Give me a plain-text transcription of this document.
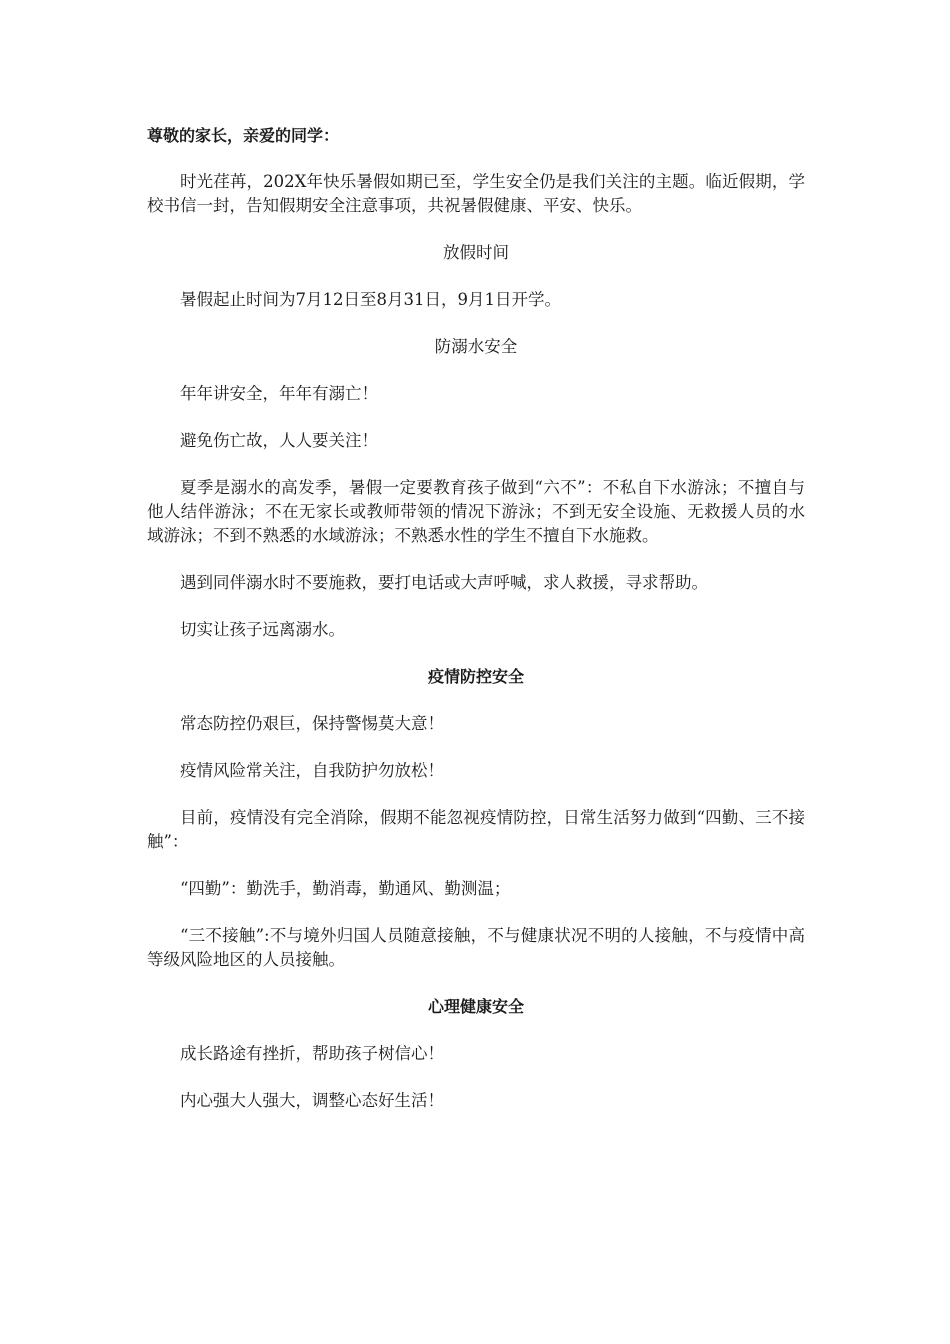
尊敬的家长，亲爱的同学：

时光荏苒，202X年快乐暑假如期已至，学生安全仍是我们关注的主题。临近假期，学校书信一封，告知假期安全注意事项，共祝暑假健康、平安、快乐。

放假时间

暑假起止时间为7月12日至8月31日，9月1日开学。

防溺水安全

年年讲安全，年年有溺亡！

避免伤亡故，人人要关注！

夏季是溺水的高发季，暑假一定要教育孩子做到“六不”：不私自下水游泳；不擅自与他人结伴游泳；不在无家长或教师带领的情况下游泳；不到无安全设施、无救援人员的水域游泳；不到不熟悉的水域游泳；不熟悉水性的学生不擅自下水施救。

遇到同伴溺水时不要施救，要打电话或大声呼喊，求人救援，寻求帮助。

切实让孩子远离溺水。

疫情防控安全

常态防控仍艰巨，保持警惕莫大意！

疫情风险常关注，自我防护勿放松！

目前，疫情没有完全消除，假期不能忽视疫情防控，日常生活努力做到“四勤、三不接触”：

“四勤”：勤洗手，勤消毒，勤通风、勤测温；

“三不接触”:不与境外归国人员随意接触，不与健康状况不明的人接触，不与疫情中高等级风险地区的人员接触。

心理健康安全

成长路途有挫折，帮助孩子树信心！

内心强大人强大，调整心态好生活！
